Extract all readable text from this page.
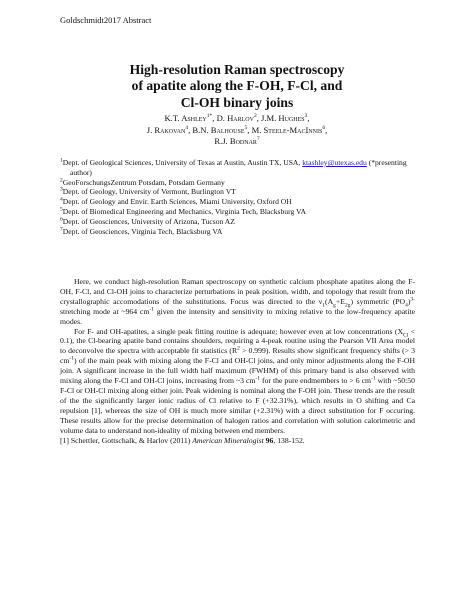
Goldschmidt2017 Abstract
High-resolution Raman spectroscopy
of apatite along the F-OH, F-Cl, and
Cl-OH binary joins
K.T. Ashley$^{1*}$, D. Harlov$^2$, J.M. Hughes$^3$,
J. Rakovan$^4$, B.N. Balhouse$^5$, M. Steele-MacInnis$^6$,
R.J. Bodnar$^7$
$^1$Dept. of Geological Sciences, University of Texas at Austin, Austin TX, USA, ktashley@utexas.edu (*presenting author)
$^2$GeoForschungsZentrum Potsdam, Potsdam Germany
$^3$Dept. of Geology, University of Vermont, Burlington VT
$^4$Dept. of Geology and Envir. Earth Sciences, Miami University, Oxford OH
$^5$Dept. of Biomedical Engineering and Mechanics, Virginia Tech, Blacksburg VA
$^6$Dept. of Geosciences, University of Arizona, Tucson AZ
$^7$Dept. of Geosciences, Virginia Tech, Blacksburg VA

Here, we conduct high-resolution Raman spectroscopy on synthetic calcium phosphate apatites along the F-OH, F-Cl, and Cl-OH joins to characterize perturbations in peak position, width, and topology that result from the crystallographic accomodations of the substitutions. Focus was directed to the $\nu_1(A_g+E_{2g})$ symmetric $(PO_4)^{3-}$ stretching mode at ~964 $cm^{-1}$ given the intensity and sensitivity to mixing relative to the low-frequency apatite modes.

For F- and OH-apatites, a single peak fitting routine is adequate; however even at low concentrations $(X_{Cl} < 0.1)$, the Cl-bearing apatite band contains shoulders, requiring a 4-peak routine using the Pearson VII Area model to deconvolve the spectra with acceptable fit statistics $(R^2 > 0.999)$. Results show significant frequency shifts (> 3 $cm^{-1}$) of the main peak with mixing along the F-Cl and OH-Cl joins, and only minor adjustments along the F-OH join. A significant increase in the full width half maximum (FWHM) of this primary band is also observed with mixing along the F-Cl and OH-Cl joins, increasing from ~3 $cm^{-1}$ for the pure endmembers to > 6 $cm^{-1}$ with ~50:50 F-Cl or OH-Cl mixing along either join. Peak widening is nominal along the F-OH join. These trends are the result of the the significantly larger ionic radius of Cl relative to F (+32.31%), which results in O shifting and Ca repulsion [1], whereas the size of OH is much more similar (+2.31%) with a direct substitution for F occuring. These results allow for the precise determination of halogen ratios and correlation with solution calorimetric and volume data to understand non-ideality of mixing between end members.

[1] Schettler, Gottschalk, & Harlov (2011) American Mineralogist 96, 138-152.
